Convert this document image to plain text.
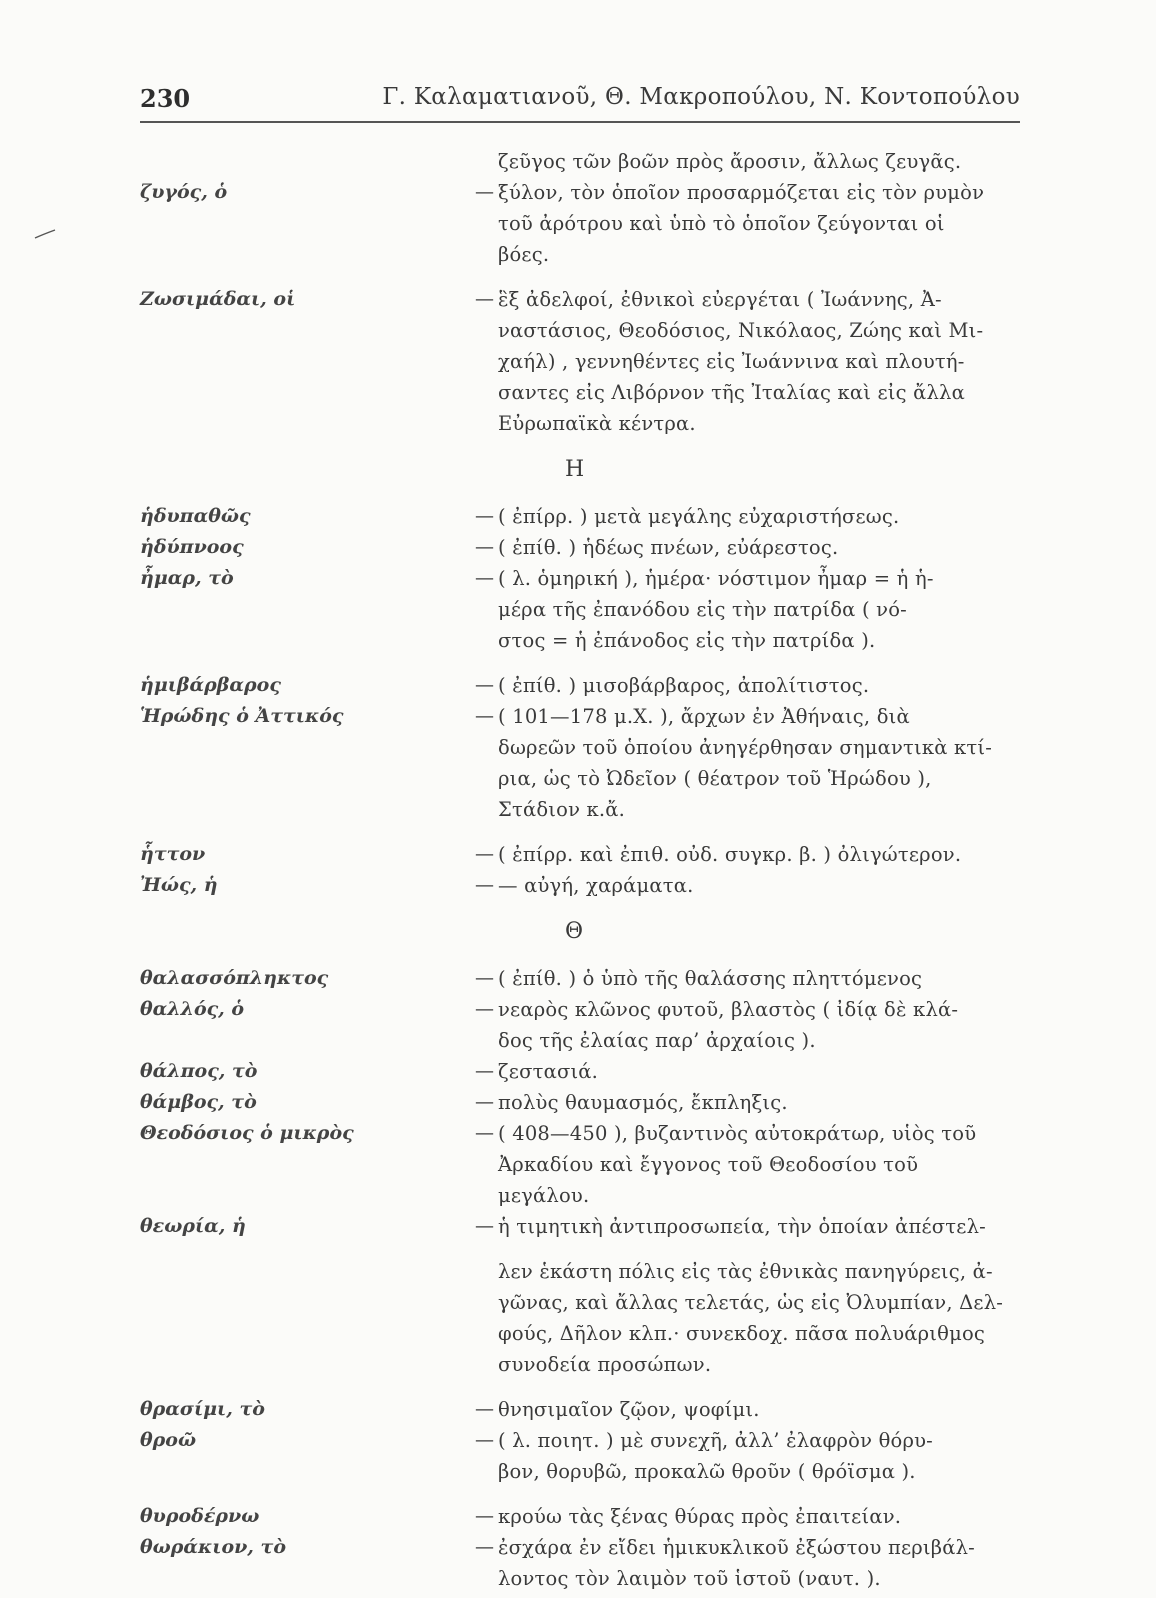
230	Γ. Καλαματιανοῦ, Θ. Μακροπούλου, Ν. Κοντοπούλου
ζεῦγος τῶν βοῶν πρὸς ἄροσιν, ἄλλως ζευγᾶς.
ζυγός, ὁ	— ξύλον, τὸν ὁποῖον προσαρμόζεται εἰς τὸν ρυμὸν
τοῦ ἀρότρου καὶ ὑπὸ τὸ ὁποῖον ζεύγονται οἱ
βόες.
Ζωσιμάδαι, οἱ	— ἓξ ἀδελφοί, ἐθνικοὶ εὐεργέται ( Ἰωάννης, Ἀ-
ναστάσιος, Θεοδόσιος, Νικόλαος, Ζώης καὶ Μι-
χαήλ) , γεννηθέντες εἰς Ἰωάννινα καὶ πλουτή-
σαντες εἰς Λιβόρνον τῆς Ἰταλίας καὶ εἰς ἄλλα
Εὐρωπαϊκὰ κέντρα.
Η
ἡδυπαθῶς	— ( ἐπίρρ. ) μετὰ μεγάλης εὐχαριστήσεως.
ἡδύπνοος	— ( ἐπίθ. ) ἡδέως πνέων, εὐάρεστος.
ἦμαρ, τὸ	— ( λ. ὁμηρική ), ἡμέρα· νόστιμον ἦμαρ = ἡ ἡ-
μέρα τῆς ἐπανόδου εἰς τὴν πατρίδα ( νό-
στος = ἡ ἐπάνοδος εἰς τὴν πατρίδα ).
ἡμιβάρβαρος	— ( ἐπίθ. ) μισοβάρβαρος, ἀπολίτιστος.
Ἡρώδης ὁ Ἀττικός	— ( 101—178 μ.Χ. ), ἄρχων ἐν Ἀθήναις, διὰ
δωρεῶν τοῦ ὁποίου ἀνηγέρθησαν σημαντικὰ κτί-
ρια, ὡς τὸ Ὠδεῖον ( θέατρον τοῦ Ἡρώδου ),
Στάδιον κ.ἄ.
ἧττον	— ( ἐπίρρ. καὶ ἐπιθ. οὐδ. συγκρ. β. ) ὀλιγώτερον.
Ἠώς, ἡ	— — αὐγή, χαράματα.
Θ
θαλασσόπληκτος	— ( ἐπίθ. ) ὁ ὑπὸ τῆς θαλάσσης πληττόμενος
θαλλός, ὁ	— νεαρὸς κλῶνος φυτοῦ, βλαστὸς ( ἰδίᾳ δὲ κλά-
δος τῆς ἐλαίας παρ’ ἀρχαίοις ).
θάλπος, τὸ	— ζεστασιά.
θάμβος, τὸ	— πολὺς θαυμασμός, ἔκπληξις.
Θεοδόσιος ὁ μικρὸς	— ( 408—450 ), βυζαντινὸς αὐτοκράτωρ, υἱὸς τοῦ
Ἀρκαδίου καὶ ἔγγονος τοῦ Θεοδοσίου τοῦ
μεγάλου.
θεωρία, ἡ	— ἡ τιμητικὴ ἀντιπροσωπεία, τὴν ὁποίαν ἀπέστελ-
λεν ἑκάστη πόλις εἰς τὰς ἐθνικὰς πανηγύρεις, ἀ-
γῶνας, καὶ ἄλλας τελετάς, ὡς εἰς Ὀλυμπίαν, Δελ-
φούς, Δῆλον κλπ.· συνεκδοχ. πᾶσα πολυάριθμος
συνοδεία προσώπων.
θρασίμι, τὸ	— θνησιμαῖον ζῷον, ψοφίμι.
θροῶ	— ( λ. ποιητ. ) μὲ συνεχῆ, ἀλλ’ ἐλαφρὸν θόρυ-
βον, θορυβῶ, προκαλῶ θροῦν ( θρόϊσμα ).
θυροδέρνω	— κρούω τὰς ξένας θύρας πρὸς ἐπαιτείαν.
θωράκιον, τὸ	— ἐσχάρα ἐν εἴδει ἡμικυκλικοῦ ἐξώστου περιβάλ-
λοντος τὸν λαιμὸν τοῦ ἱστοῦ (ναυτ. ).
